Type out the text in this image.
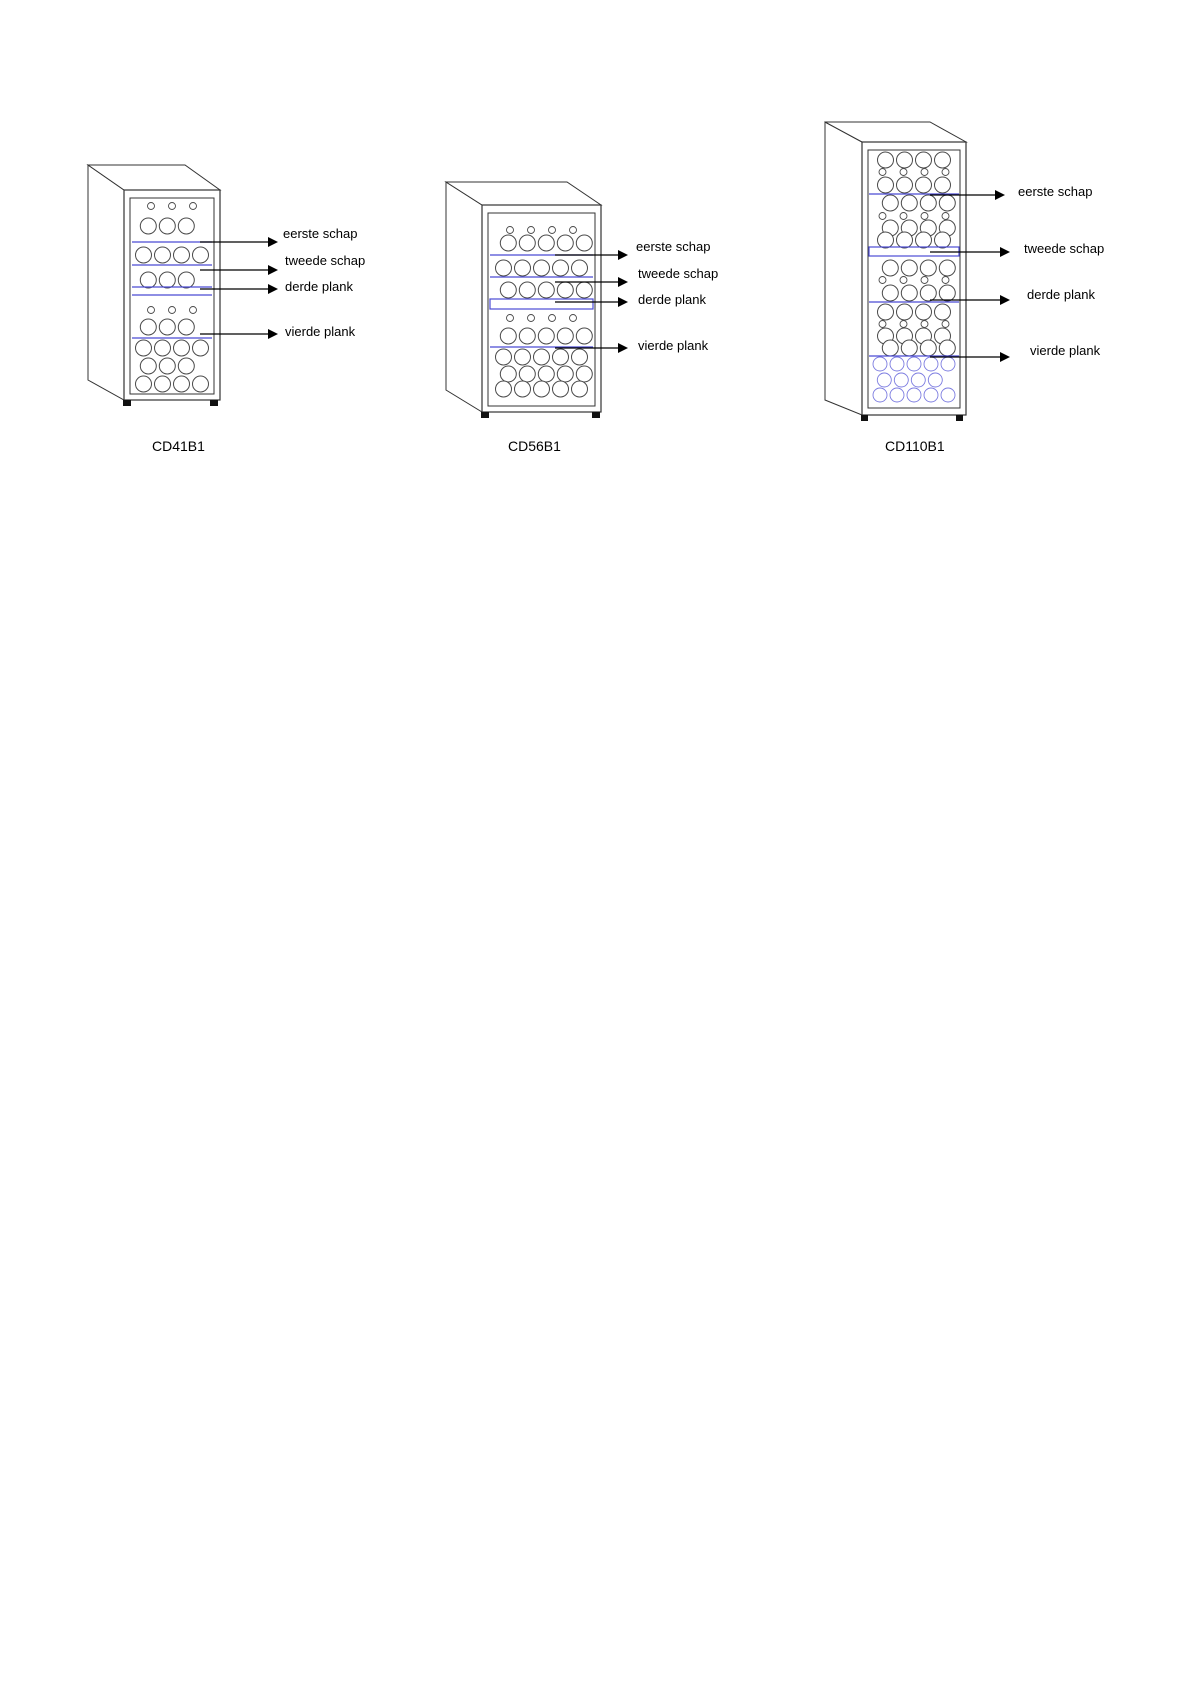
eerste schap
tweede schap
derde plank
vierde plank
CD41B1
eerste schap
tweede schap
derde plank
vierde plank
CD56B1
eerste schap
tweede schap
derde plank
vierde plank
CD110B1
